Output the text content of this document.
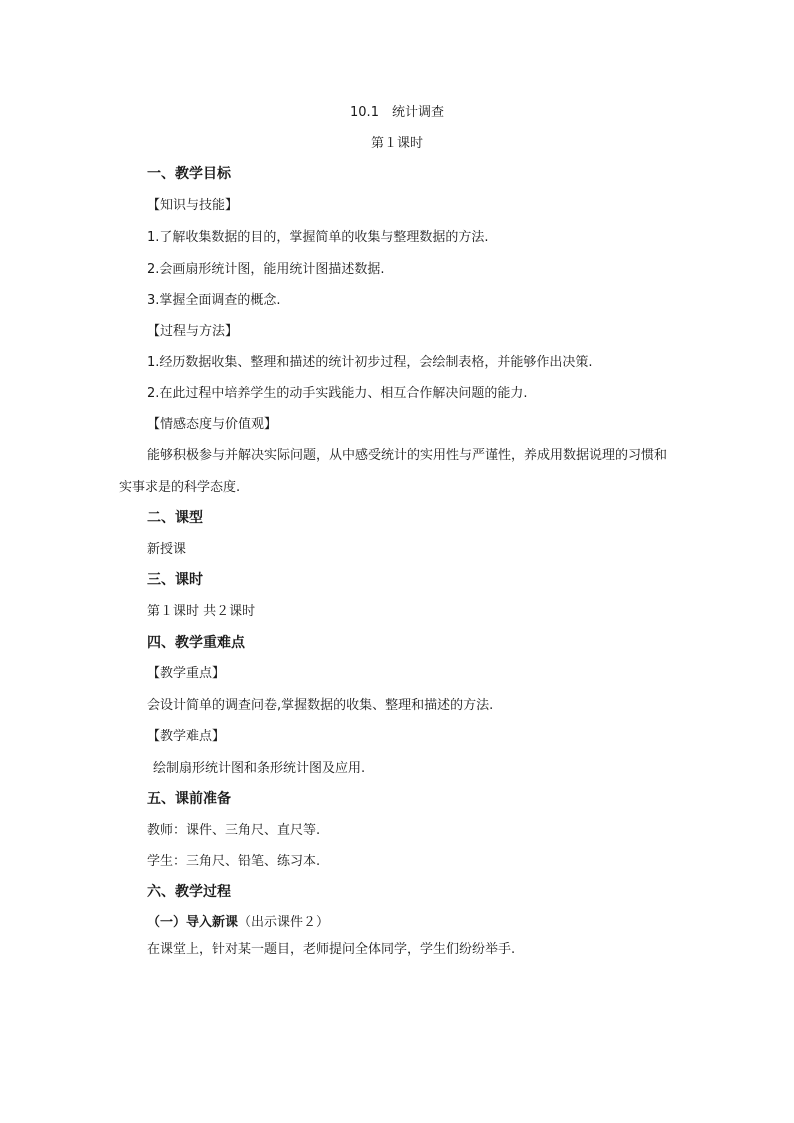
10.1　统计调查

第１课时

一、教学目标

【知识与技能】

1.了解收集数据的目的，掌握简单的收集与整理数据的方法.

2.会画扇形统计图，能用统计图描述数据.

3.掌握全面调查的概念.

【过程与方法】

1.经历数据收集、整理和描述的统计初步过程，会绘制表格，并能够作出决策.

2.在此过程中培养学生的动手实践能力、相互合作解决问题的能力.

【情感态度与价值观】

能够积极参与并解决实际问题，从中感受统计的实用性与严谨性，养成用数据说理的习惯和实事求是的科学态度.

二、课型

新授课

三、课时

第１课时 共２课时

四、教学重难点

【教学重点】

会设计简单的调查问卷,掌握数据的收集、整理和描述的方法.

【教学难点】

绘制扇形统计图和条形统计图及应用.

五、课前准备

教师：课件、三角尺、直尺等.

学生：三角尺、铅笔、练习本.

六、教学过程

（一）导入新课（出示课件２）

在课堂上，针对某一题目，老师提问全体同学，学生们纷纷举手.
